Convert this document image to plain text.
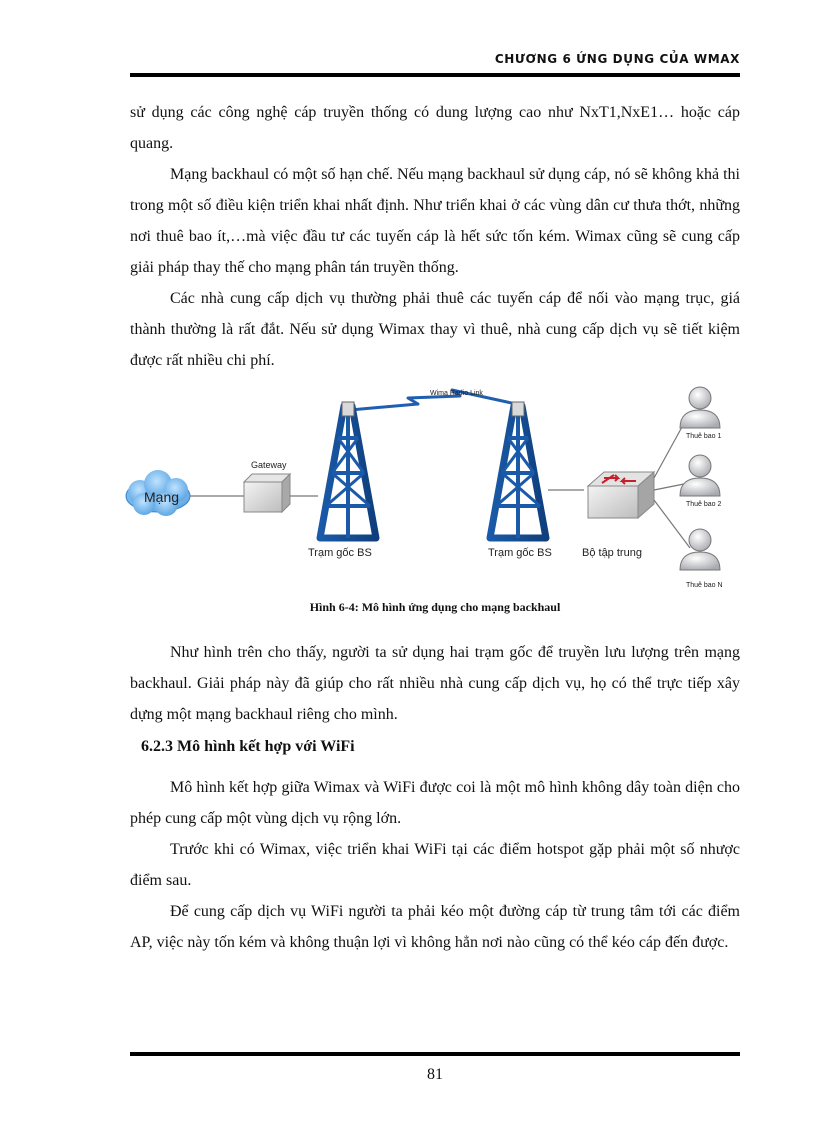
CHƯƠNG 6 ỨNG DỤNG CỦA WMAX

sử dụng các công nghệ cáp truyền thống có dung lượng cao như NxT1,NxE1… hoặc cáp quang.

Mạng backhaul có một số hạn chế. Nếu mạng backhaul sử dụng cáp, nó sẽ không khả thi trong một số điều kiện triển khai nhất định. Như triển khai ở các vùng dân cư thưa thớt, những nơi thuê bao ít,…mà việc đầu tư các tuyến cáp là hết sức tốn kém. Wimax cũng sẽ cung cấp giải pháp thay thế cho mạng phân tán truyền thống.

Các nhà cung cấp dịch vụ thường phải thuê các tuyến cáp để nối vào mạng trục, giá thành thường là rất đắt. Nếu sử dụng Wimax thay vì thuê, nhà cung cấp dịch vụ sẽ tiết kiệm được rất nhiều chi phí.

Wima Radio Link
Mạng
Gateway
Trạm gốc BS	Trạm gốc BS	Bộ tập trung
Thuê bao 1
Thuê bao 2
Thuê bao N
Hình 6-4: Mô hình ứng dụng cho mạng backhaul

Như hình trên cho thấy, người ta sử dụng hai trạm gốc để truyền lưu lượng trên mạng backhaul. Giải pháp này đã giúp cho rất nhiều nhà cung cấp dịch vụ, họ có thể trực tiếp xây dựng một mạng backhaul riêng cho mình.

6.2.3 Mô hình kết hợp với WiFi

Mô hình kết hợp giữa Wimax và WiFi được coi là một mô hình không dây toàn diện cho phép cung cấp một vùng dịch vụ rộng lớn.

Trước khi có Wimax, việc triển khai WiFi tại các điểm hotspot gặp phải một số nhược điểm sau.

Để cung cấp dịch vụ WiFi người ta phải kéo một đường cáp từ trung tâm tới các điểm AP, việc này tốn kém và không thuận lợi vì không hẳn nơi nào cũng có thể kéo cáp đến được.

81
